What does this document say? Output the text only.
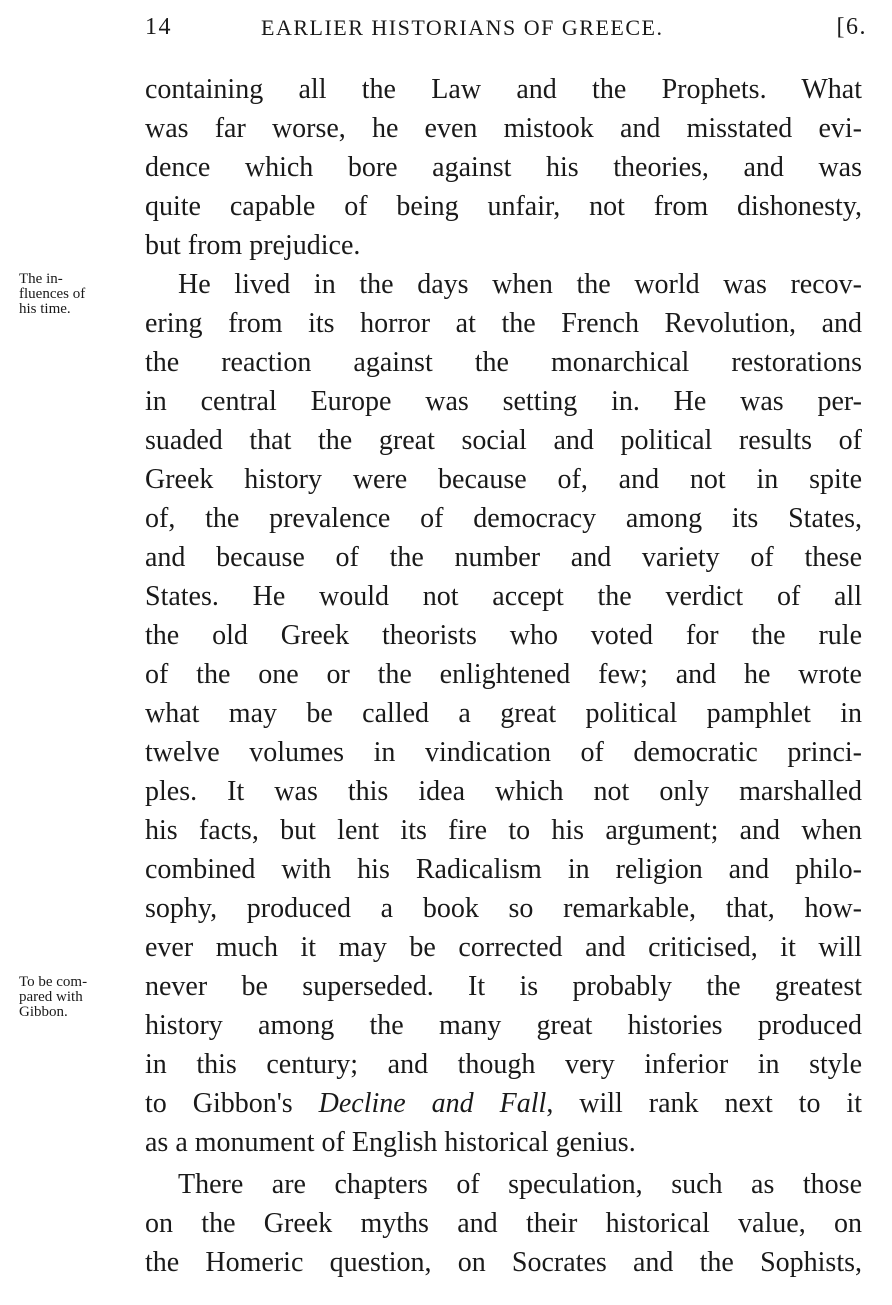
14	EARLIER HISTORIANS OF GREECE.	[6.
The in-
fluences of
his time.
To be com-
pared with
Gibbon.
containing all the Law and the Prophets. What
was far worse, he even mistook and misstated evi-
dence which bore against his theories, and was
quite capable of being unfair, not from dishonesty,
but from prejudice.
He lived in the days when the world was recov-
ering from its horror at the French Revolution, and
the reaction against the monarchical restorations
in central Europe was setting in. He was per-
suaded that the great social and political results of
Greek history were because of, and not in spite
of, the prevalence of democracy among its States,
and because of the number and variety of these
States. He would not accept the verdict of all
the old Greek theorists who voted for the rule
of the one or the enlightened few; and he wrote
what may be called a great political pamphlet in
twelve volumes in vindication of democratic princi-
ples. It was this idea which not only marshalled
his facts, but lent its fire to his argument; and when
combined with his Radicalism in religion and philo-
sophy, produced a book so remarkable, that, how-
ever much it may be corrected and criticised, it will
never be superseded. It is probably the greatest
history among the many great histories produced
in this century; and though very inferior in style
to Gibbon's Decline and Fall, will rank next to it
as a monument of English historical genius.
There are chapters of speculation, such as those
on the Greek myths and their historical value, on
the Homeric question, on Socrates and the Sophists,
